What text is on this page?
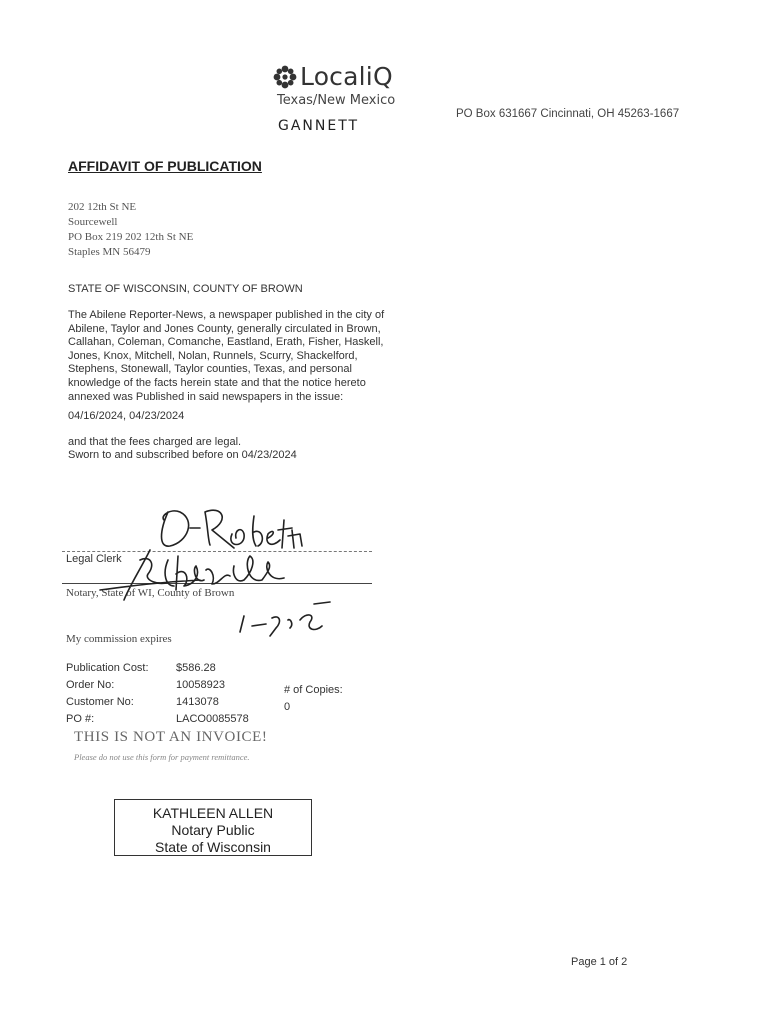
LocaliQ
Texas/New Mexico
GANNETT
PO Box 631667 Cincinnati, OH 45263-1667
AFFIDAVIT OF PUBLICATION
202 12th St NE
Sourcewell
PO Box 219 202 12th St NE
Staples MN 56479
STATE OF WISCONSIN, COUNTY OF BROWN
The Abilene Reporter-News, a newspaper published in the city of Abilene, Taylor and Jones County, generally circulated in Brown, Callahan, Coleman, Comanche, Eastland, Erath, Fisher, Haskell, Jones, Knox, Mitchell, Nolan, Runnels, Scurry, Shackelford, Stephens, Stonewall, Taylor counties, Texas, and personal knowledge of the facts herein state and that the notice hereto annexed was Published in said newspapers in the issue:
04/16/2024, 04/23/2024
and that the fees charged are legal.
Sworn to and subscribed before on 04/23/2024
Legal Clerk
Notary, State of WI, County of Brown
My commission expires
Publication Cost:	$586.28
Order No:	10058923
Customer No:	1413078
PO #:	LACO0085578
# of Copies:
0
THIS IS NOT AN INVOICE!
Please do not use this form for payment remittance.
KATHLEEN ALLEN
Notary Public
State of Wisconsin
Page 1 of 2
